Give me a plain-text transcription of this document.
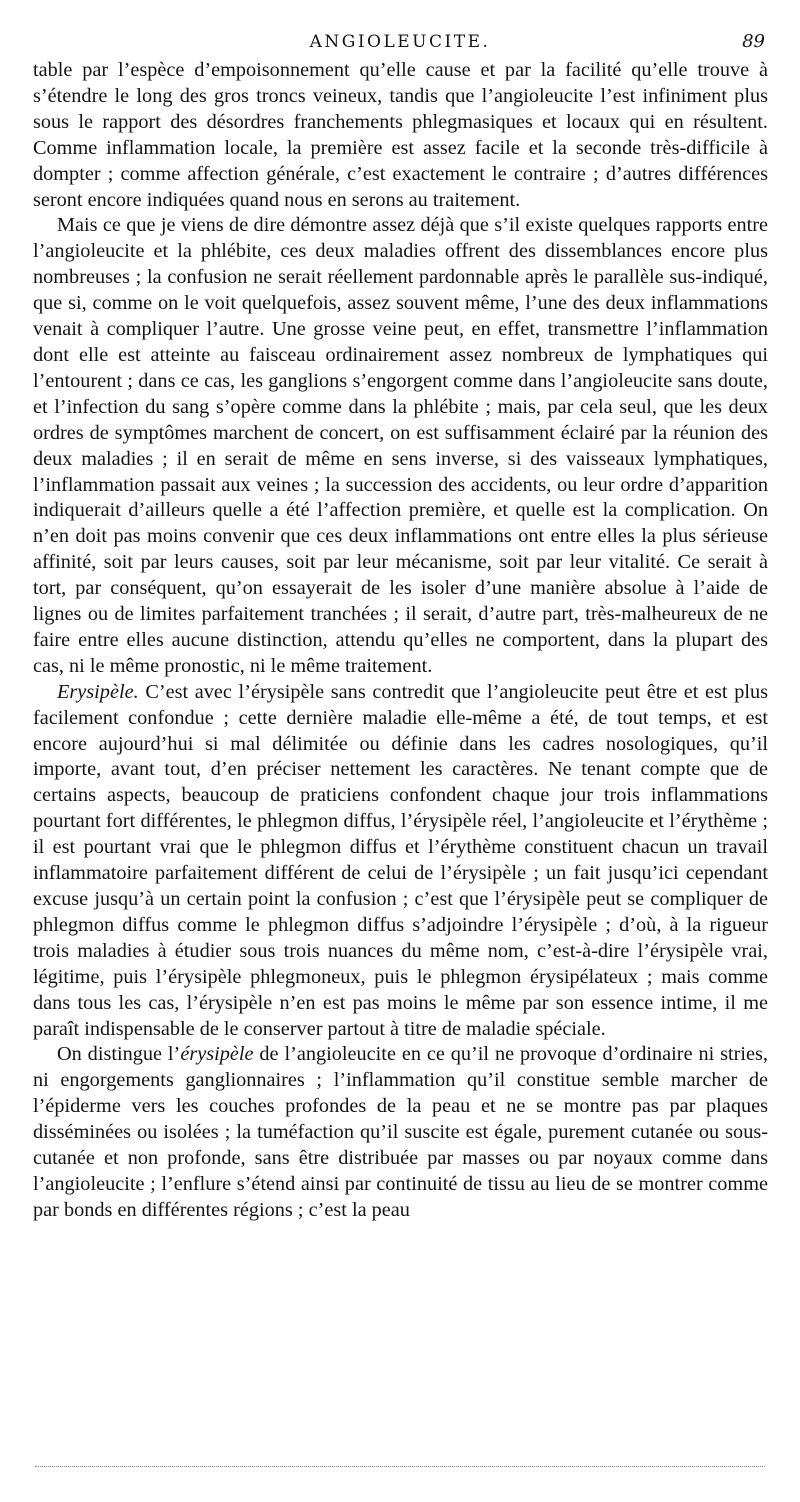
ANGIOLEUCITE.	89

table par l’espèce d’empoisonnement qu’elle cause et par la facilité qu’elle trouve à s’étendre le long des gros troncs veineux, tandis que l’angioleucite l’est infiniment plus sous le rapport des désordres franchements phlegmasiques et locaux qui en résultent. Comme inflammation locale, la première est assez facile et la seconde très-difficile à dompter ; comme affection générale, c’est exactement le contraire ; d’autres différences seront encore indiquées quand nous en serons au traitement.

Mais ce que je viens de dire démontre assez déjà que s’il existe quelques rapports entre l’angioleucite et la phlébite, ces deux maladies offrent des dissemblances encore plus nombreuses ; la confusion ne serait réellement pardonnable après le parallèle sus-indiqué, que si, comme on le voit quelquefois, assez souvent même, l’une des deux inflammations venait à compliquer l’autre. Une grosse veine peut, en effet, transmettre l’inflammation dont elle est atteinte au faisceau ordinairement assez nombreux de lymphatiques qui l’entourent ; dans ce cas, les ganglions s’engorgent comme dans l’angioleucite sans doute, et l’infection du sang s’opère comme dans la phlébite ; mais, par cela seul, que les deux ordres de symptômes marchent de concert, on est suffisamment éclairé par la réunion des deux maladies ; il en serait de même en sens inverse, si des vaisseaux lymphatiques, l’inflammation passait aux veines ; la succession des accidents, ou leur ordre d’apparition indiquerait d’ailleurs quelle a été l’affection première, et quelle est la complication. On n’en doit pas moins convenir que ces deux inflammations ont entre elles la plus sérieuse affinité, soit par leurs causes, soit par leur mécanisme, soit par leur vitalité. Ce serait à tort, par conséquent, qu’on essayerait de les isoler d’une manière absolue à l’aide de lignes ou de limites parfaitement tranchées ; il serait, d’autre part, très-malheureux de ne faire entre elles aucune distinction, attendu qu’elles ne comportent, dans la plupart des cas, ni le même pronostic, ni le même traitement.

Erysipèle. C’est avec l’érysipèle sans contredit que l’angioleucite peut être et est plus facilement confondue ; cette dernière maladie elle-même a été, de tout temps, et est encore aujourd’hui si mal délimitée ou définie dans les cadres nosologiques, qu’il importe, avant tout, d’en préciser nettement les caractères. Ne tenant compte que de certains aspects, beaucoup de praticiens confondent chaque jour trois inflammations pourtant fort différentes, le phlegmon diffus, l’érysipèle réel, l’angioleucite et l’érythème ; il est pourtant vrai que le phlegmon diffus et l’érythème constituent chacun un travail inflammatoire parfaitement différent de celui de l’érysipèle ; un fait jusqu’ici cependant excuse jusqu’à un certain point la confusion ; c’est que l’érysipèle peut se compliquer de phlegmon diffus comme le phlegmon diffus s’adjoindre l’érysipèle ; d’où, à la rigueur trois maladies à étudier sous trois nuances du même nom, c’est-à-dire l’érysipèle vrai, légitime, puis l’érysipèle phlegmoneux, puis le phlegmon érysipélateux ; mais comme dans tous les cas, l’érysipèle n’en est pas moins le même par son essence intime, il me paraît indispensable de le conserver partout à titre de maladie spéciale.

On distingue l’érysipèle de l’angioleucite en ce qu’il ne provoque d’ordinaire ni stries, ni engorgements ganglionnaires ; l’inflammation qu’il constitue semble marcher de l’épiderme vers les couches profondes de la peau et ne se montre pas par plaques disséminées ou isolées ; la tuméfaction qu’il suscite est égale, purement cutanée ou sous-cutanée et non profonde, sans être distribuée par masses ou par noyaux comme dans l’angioleucite ; l’enflure s’étend ainsi par continuité de tissu au lieu de se montrer comme par bonds en différentes régions ; c’est la peau
